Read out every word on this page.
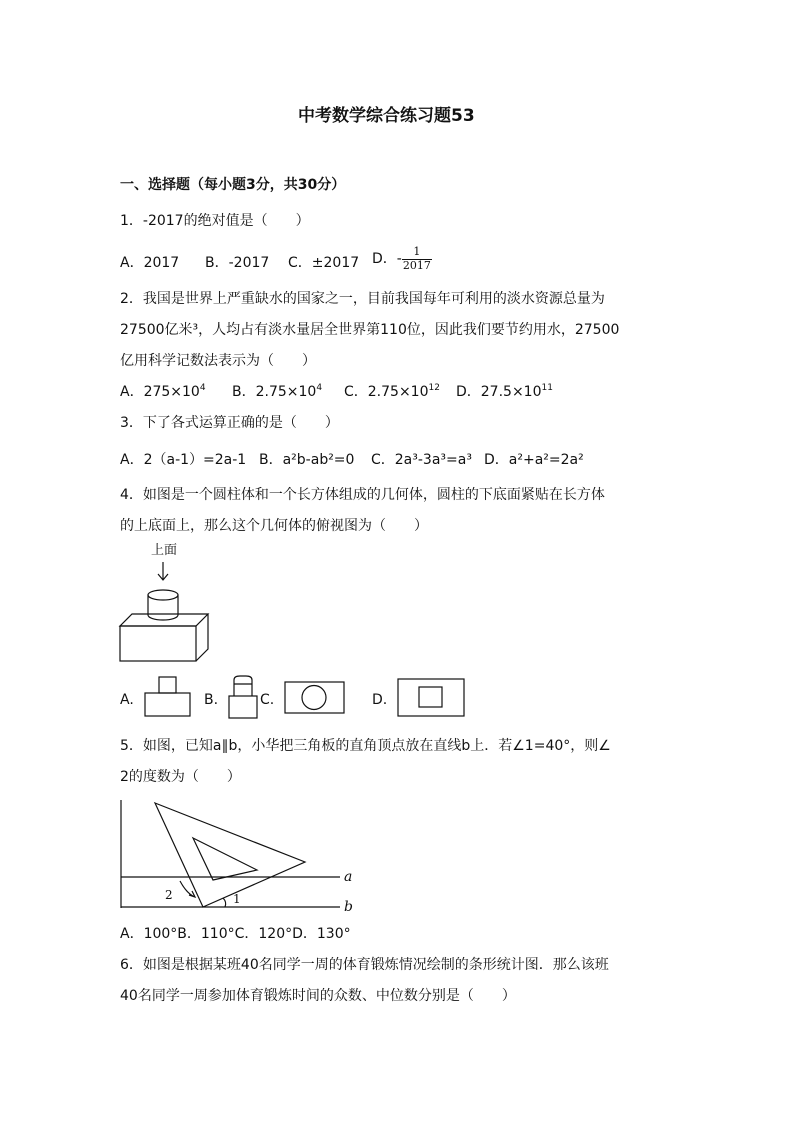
中考数学综合练习题53
一、选择题（每小题3分，共30分）
1．-2017的绝对值是（　　）
A．2017 B．-2017 C．±2017 D．- $\frac{1}{2017}$
2．我国是世界上严重缺水的国家之一，目前我国每年可利用的淡水资源总量为
27500亿米³，人均占有淡水量居全世界第110位，因此我们要节约用水，27500
亿用科学记数法表示为（　　）
A．$275\times 10^4$ B．$2.75\times 10^4$ C．$2.75\times 10^{12}$ D．$27.5\times 10^{11}$
3．下了各式运算正确的是（　　）
A．2（a-1）=2a-1 B．a²b-ab²=0 C．2a³-3a³=a³ D．a²+a²=2a²
4．如图是一个圆柱体和一个长方体组成的几何体，圆柱的下底面紧贴在长方体
的上底面上，那么这个几何体的俯视图为（　　）
上面
A.	B.	C.	D.
5．如图，已知a∥b，小华把三角板的直角顶点放在直线b上．若∠1=40°，则∠
2的度数为（　　）
a
b
1
2
A．100°B．110°C．120°D．130°
6．如图是根据某班40名同学一周的体育锻炼情况绘制的条形统计图．那么该班
40名同学一周参加体育锻炼时间的众数、中位数分别是（　　）
